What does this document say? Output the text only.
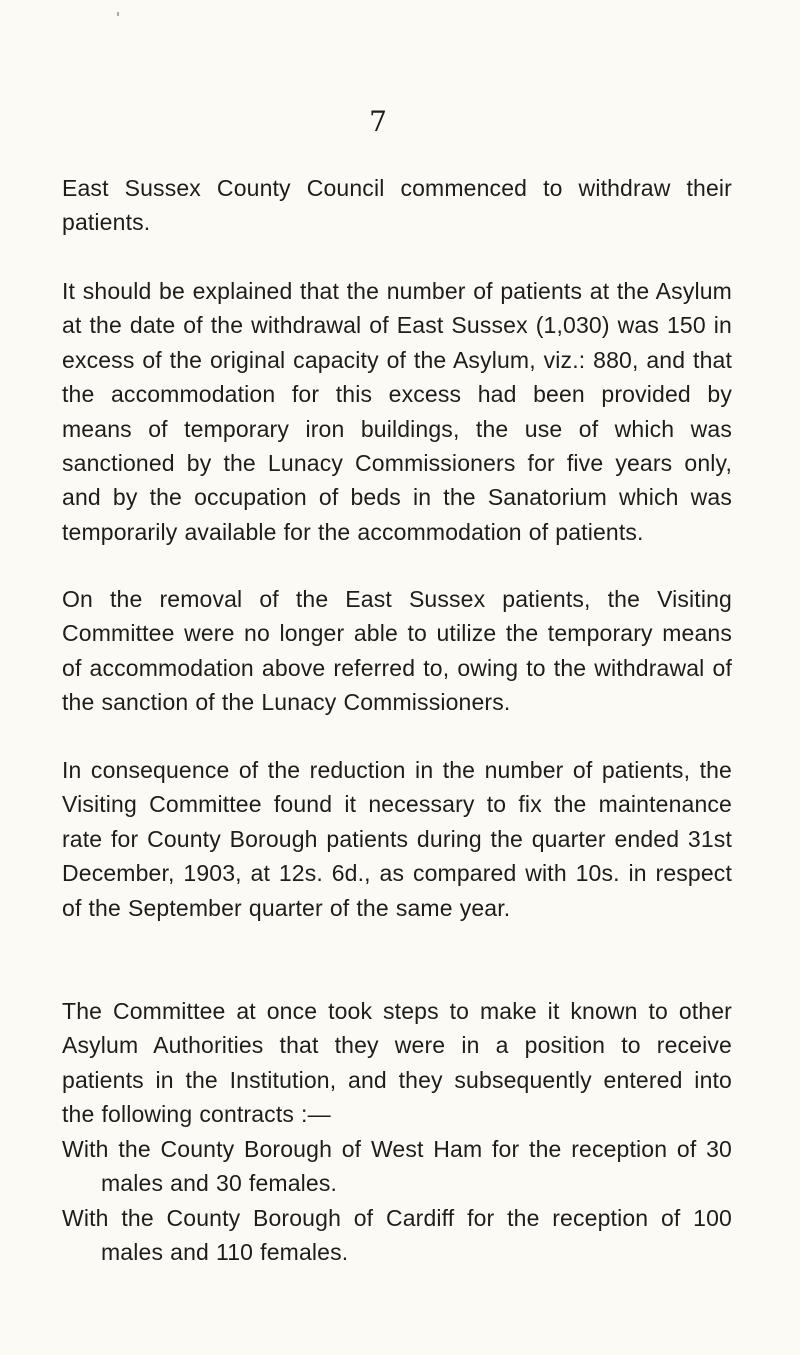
7

East Sussex County Council commenced to withdraw their patients.

It should be explained that the number of patients at the Asylum at the date of the withdrawal of East Sussex (1,030) was 150 in excess of the original capacity of the Asylum, viz.: 880, and that the accommodation for this excess had been provided by means of temporary iron buildings, the use of which was sanctioned by the Lunacy Commissioners for five years only, and by the occupation of beds in the Sanatorium which was temporarily available for the accommodation of patients.

On the removal of the East Sussex patients, the Visiting Committee were no longer able to utilize the temporary means of accommodation above referred to, owing to the withdrawal of the sanction of the Lunacy Commissioners.

In consequence of the reduction in the number of patients, the Visiting Committee found it necessary to fix the maintenance rate for County Borough patients during the quarter ended 31st December, 1903, at 12s. 6d., as compared with 10s. in respect of the September quarter of the same year.

The Committee at once took steps to make it known to other Asylum Authorities that they were in a position to receive patients in the Institution, and they subsequently entered into the following contracts :—

With the County Borough of West Ham for the reception of 30 males and 30 females.

With the County Borough of Cardiff for the reception of 100 males and 110 females.
